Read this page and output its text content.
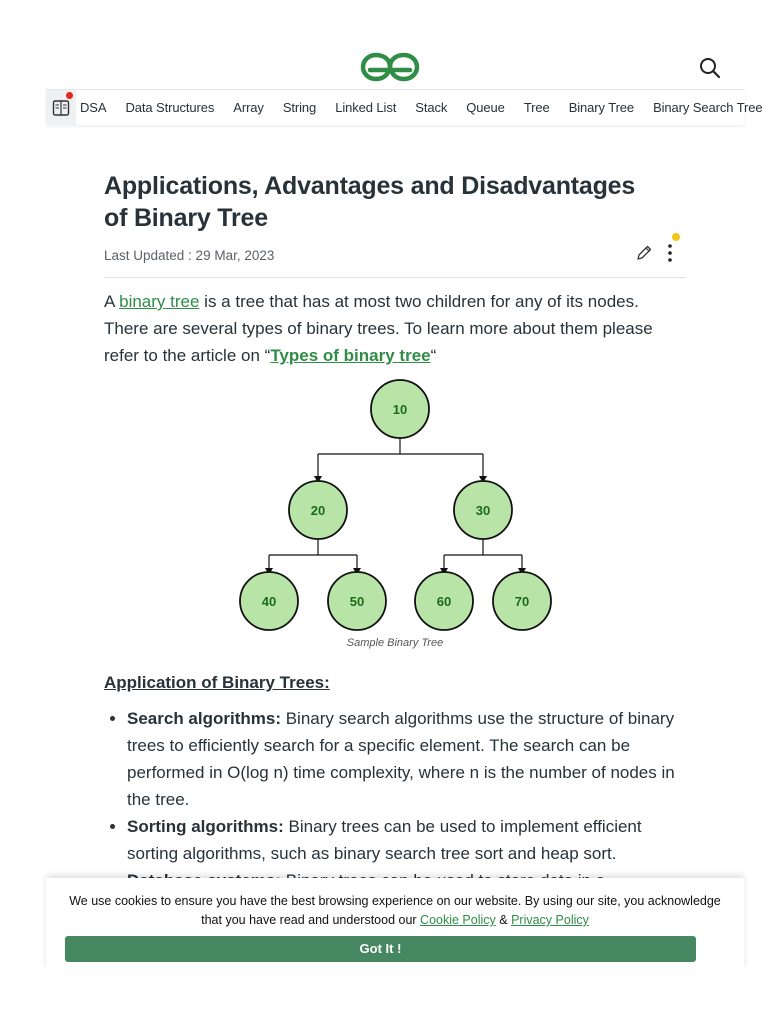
DSA Data Structures Array String Linked List Stack Queue Tree Binary Tree Binary Search Tree
Applications, Advantages and Disadvantages of Binary Tree
Last Updated : 29 Mar, 2023

A binary tree is a tree that has at most two children for any of its nodes. There are several types of binary trees. To learn more about them please refer to the article on “Types of binary tree“

10
20	30
40	50	60	70
Sample Binary Tree
Application of Binary Trees:
• Search algorithms: Binary search algorithms use the structure of binary trees to efficiently search for a specific element. The search can be performed in O(log n) time complexity, where n is the number of nodes in the tree.
• Sorting algorithms: Binary trees can be used to implement efficient sorting algorithms, such as binary search tree sort and heap sort.
•

We use cookies to ensure you have the best browsing experience on our website. By using our site, you acknowledge that you have read and understood our Cookie Policy & Privacy Policy

Got It !
